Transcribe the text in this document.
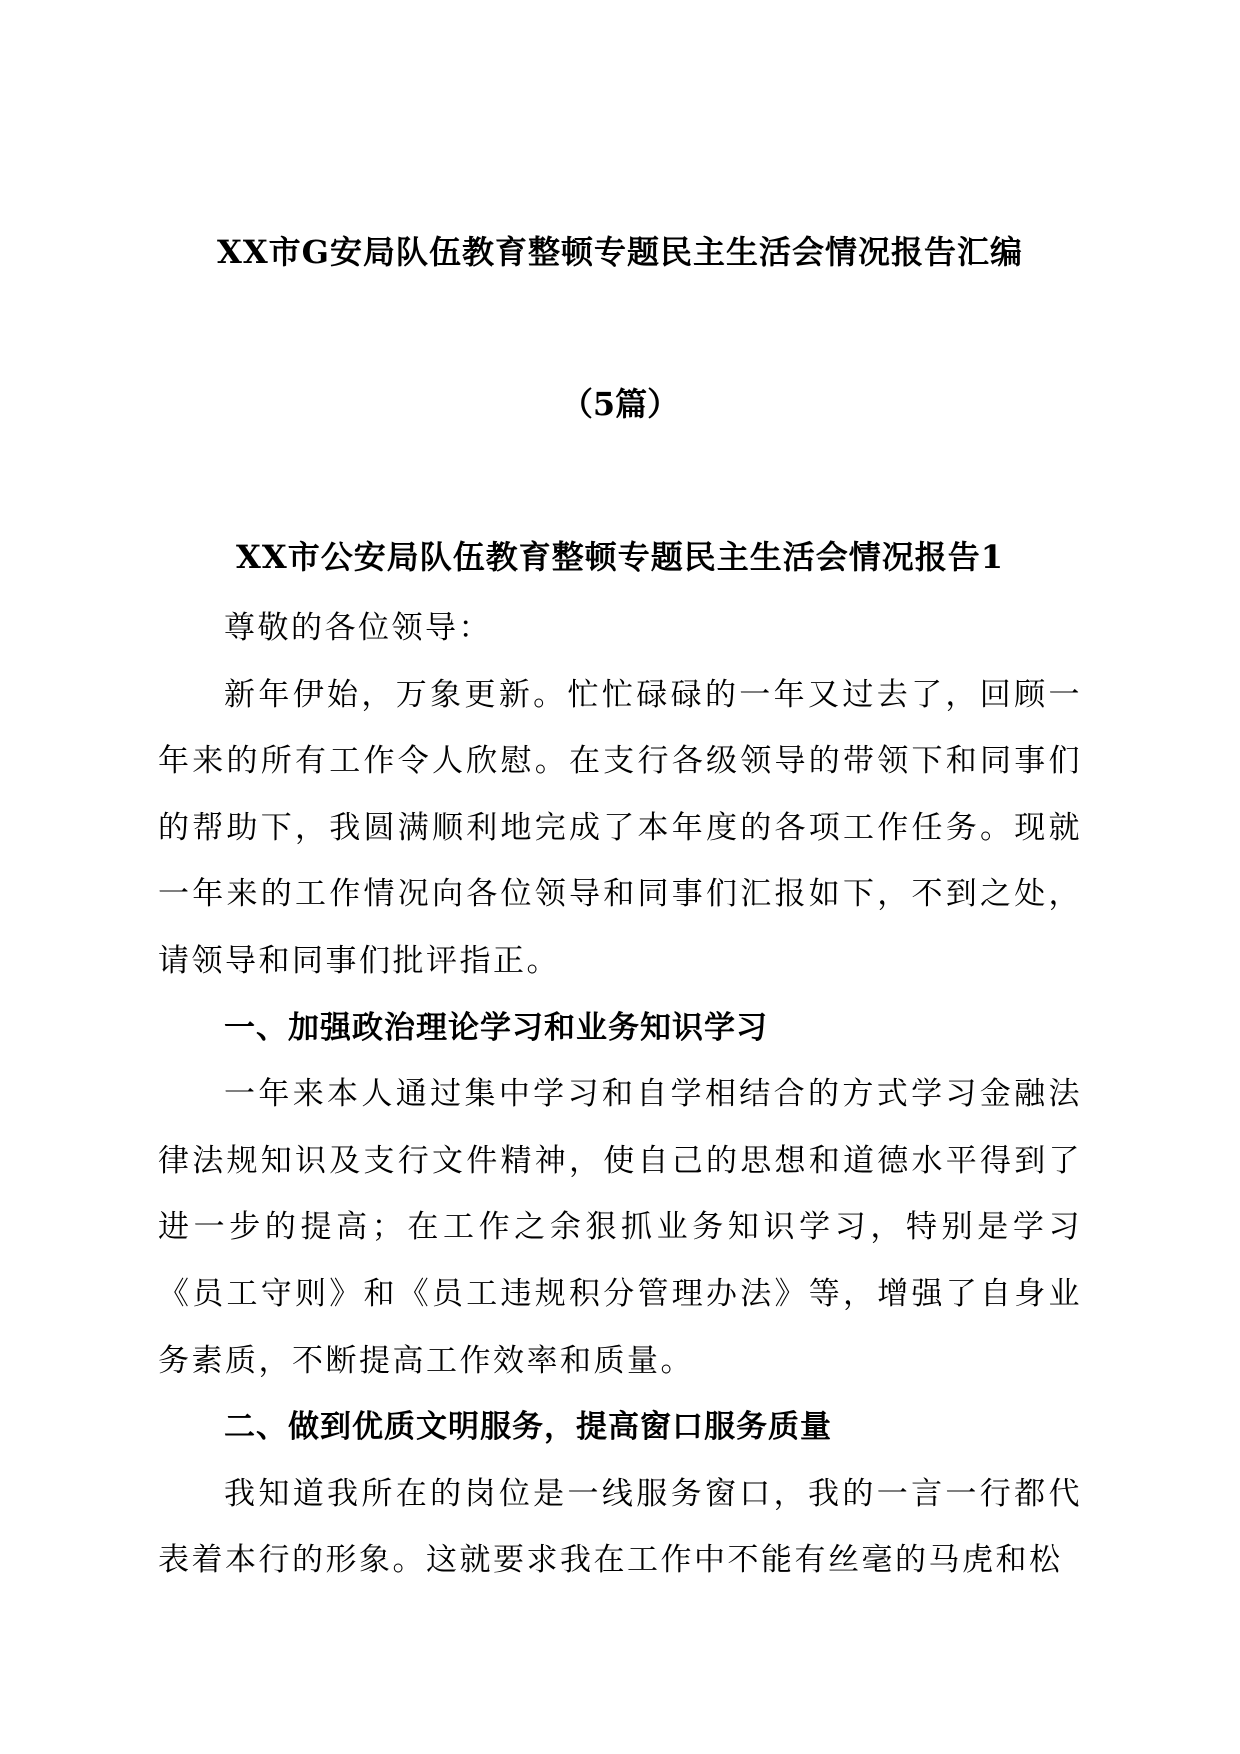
XX市G安局队伍教育整顿专题民主生活会情况报告汇编
（5篇）
XX市公安局队伍教育整顿专题民主生活会情况报告1

尊敬的各位领导：

新年伊始，万象更新。忙忙碌碌的一年又过去了，回顾一年来的所有工作令人欣慰。在支行各级领导的带领下和同事们的帮助下，我圆满顺利地完成了本年度的各项工作任务。现就一年来的工作情况向各位领导和同事们汇报如下，不到之处，请领导和同事们批评指正。

一、加强政治理论学习和业务知识学习

一年来本人通过集中学习和自学相结合的方式学习金融法律法规知识及支行文件精神，使自己的思想和道德水平得到了进一步的提高；在工作之余狠抓业务知识学习，特别是学习《员工守则》和《员工违规积分管理办法》等，增强了自身业务素质，不断提高工作效率和质量。

二、做到优质文明服务，提高窗口服务质量

我知道我所在的岗位是一线服务窗口，我的一言一行都代表着本行的形象。这就要求我在工作中不能有丝毫的马虎和松
